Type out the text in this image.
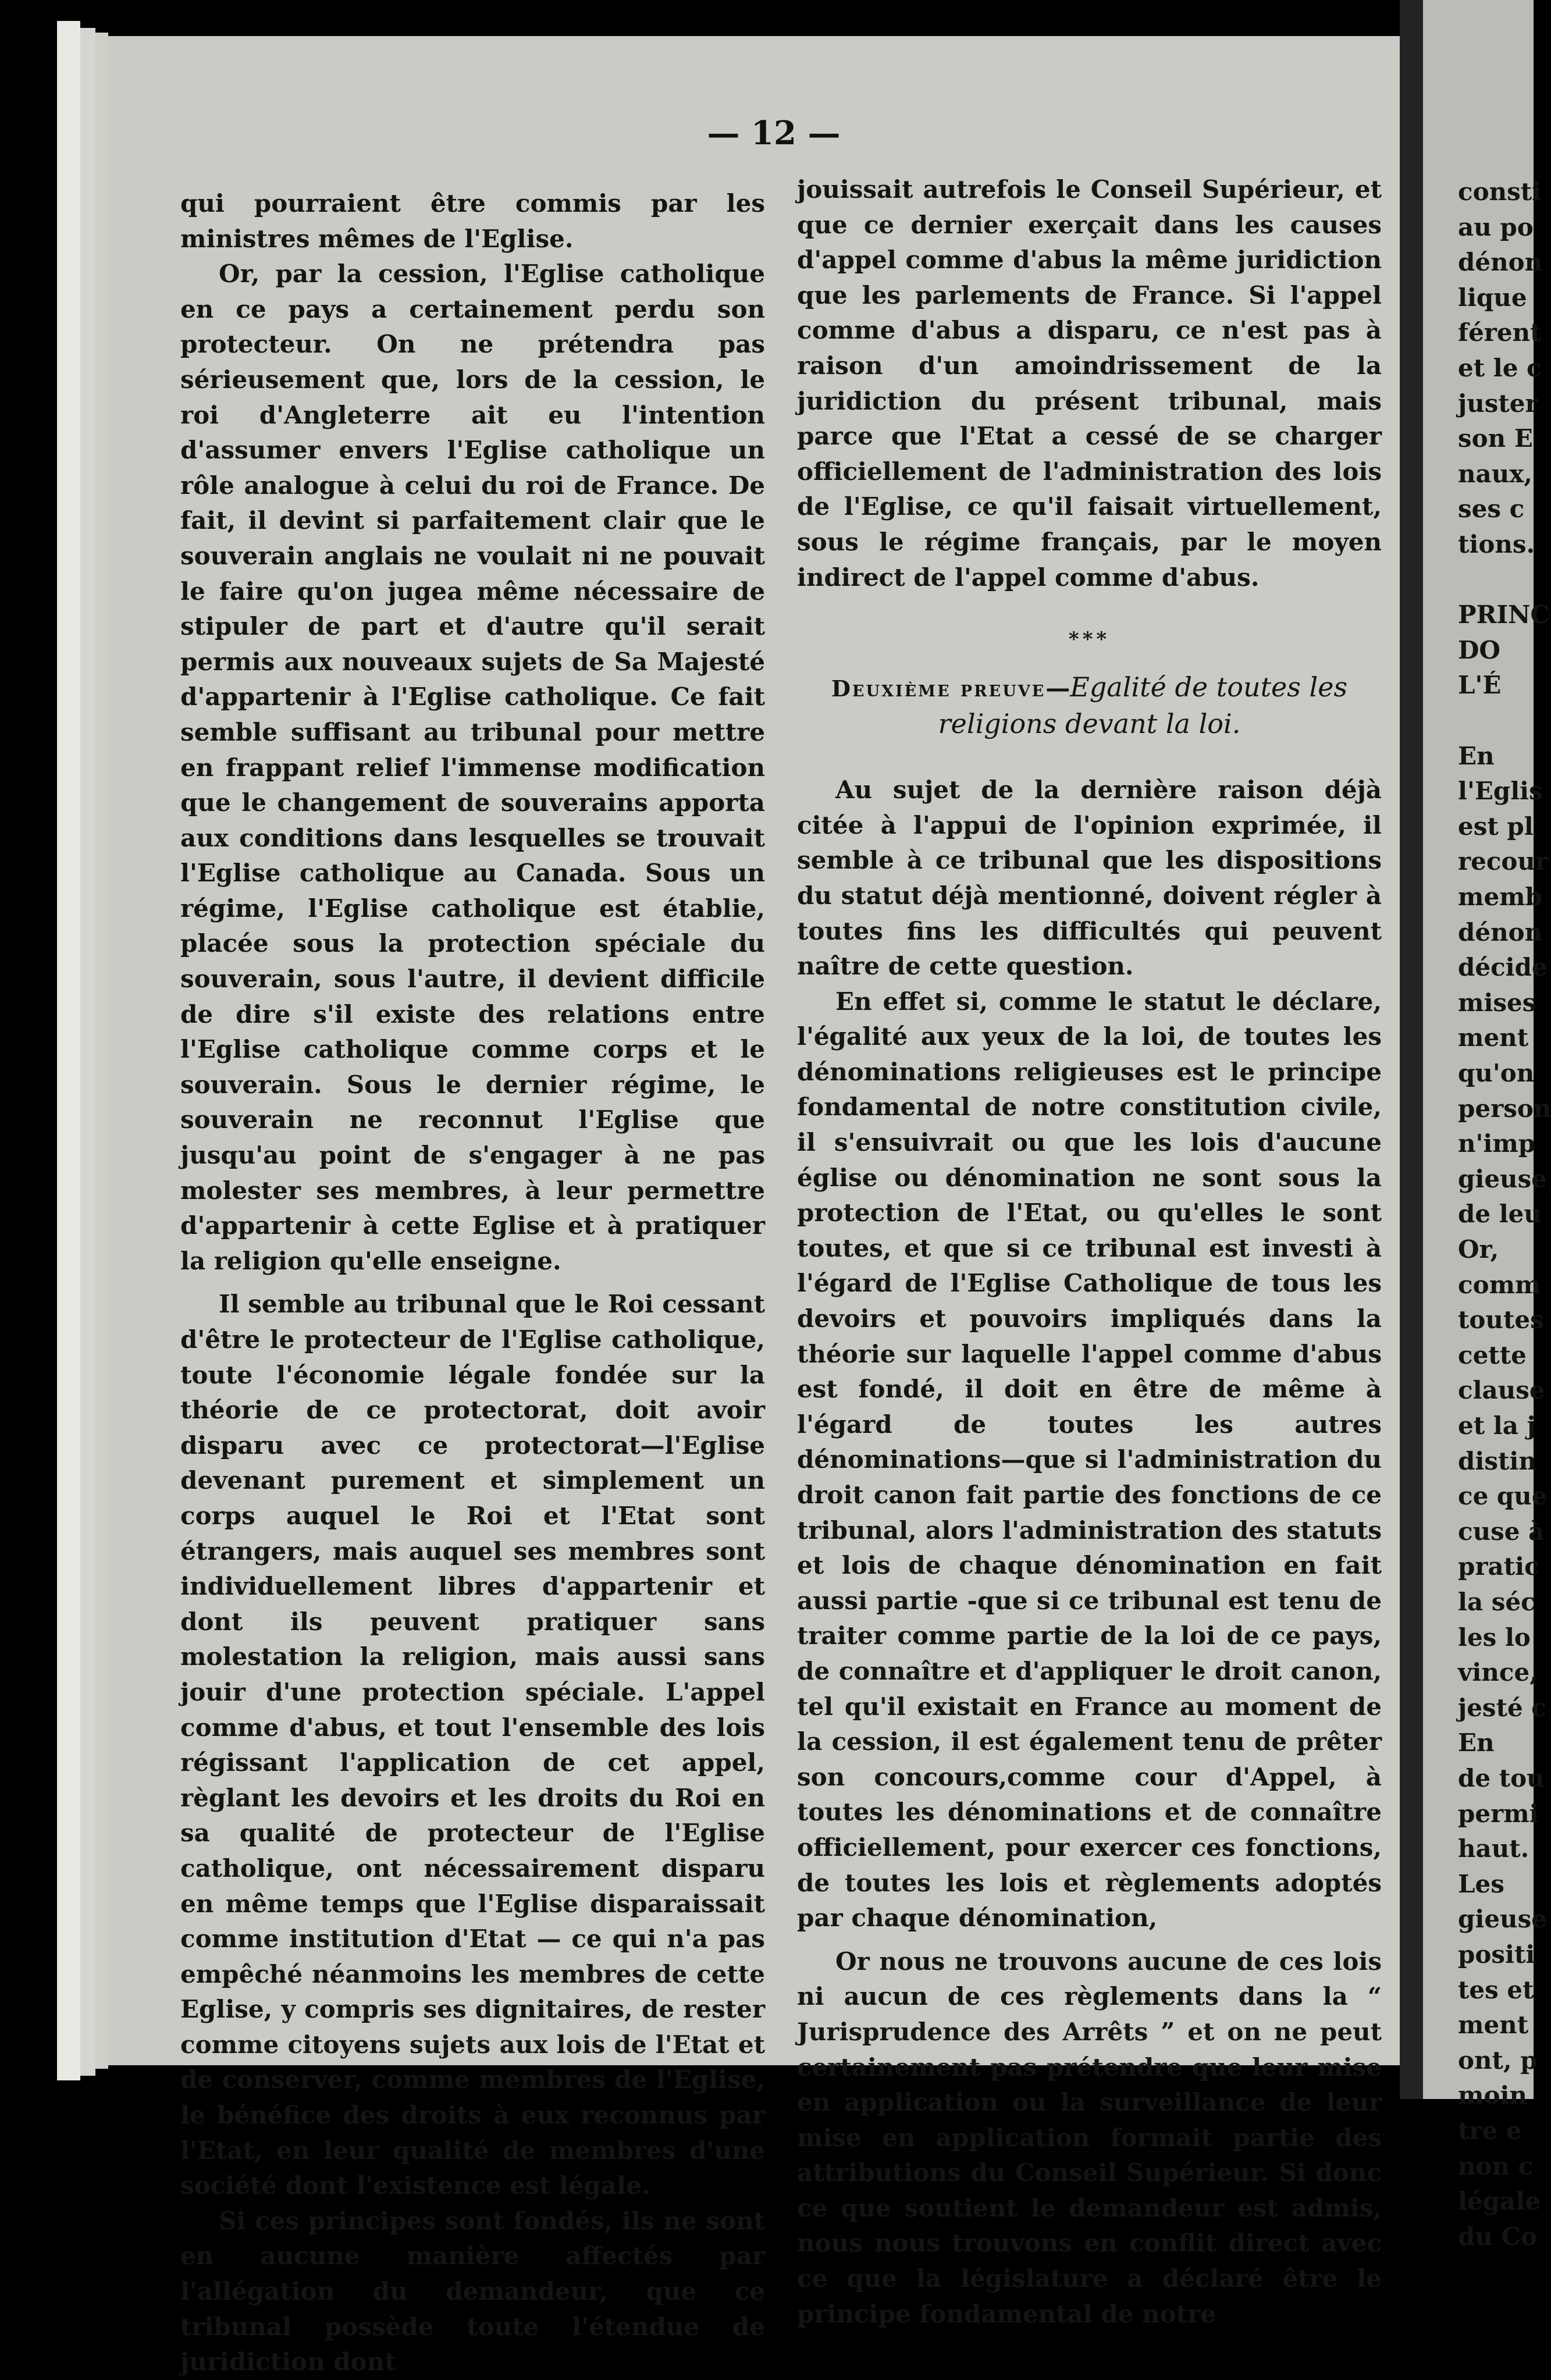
— 12 —

qui pourraient être commis par les ministres mêmes de l'Eglise.

Or, par la cession, l'Eglise catholique en ce pays a certainement perdu son protecteur. On ne prétendra pas sérieusement que, lors de la cession, le roi d'Angleterre ait eu l'intention d'assumer envers l'Eglise catholique un rôle analogue à celui du roi de France. De fait, il devint si parfaitement clair que le souverain anglais ne voulait ni ne pouvait le faire qu'on jugea même nécessaire de stipuler de part et d'autre qu'il serait permis aux nouveaux sujets de Sa Majesté d'appartenir à l'Eglise catholique. Ce fait semble suffisant au tribunal pour mettre en frappant relief l'immense modification que le changement de souverains apporta aux conditions dans lesquelles se trouvait l'Eglise catholique au Canada. Sous un régime, l'Eglise catholique est établie, placée sous la protection spéciale du souverain, sous l'autre, il devient difficile de dire s'il existe des relations entre l'Eglise catholique comme corps et le souverain. Sous le dernier régime, le souverain ne reconnut l'Eglise que jusqu'au point de s'engager à ne pas molester ses membres, à leur permettre d'appartenir à cette Eglise et à pratiquer la religion qu'elle enseigne.

Il semble au tribunal que le Roi cessant d'être le protecteur de l'Eglise catholique, toute l'économie légale fondée sur la théorie de ce protectorat, doit avoir disparu avec ce protectorat—l'Eglise devenant purement et simplement un corps auquel le Roi et l'Etat sont étrangers, mais auquel ses membres sont individuellement libres d'appartenir et dont ils peuvent pratiquer sans molestation la religion, mais aussi sans jouir d'une protection spéciale. L'appel comme d'abus, et tout l'ensemble des lois régissant l'application de cet appel, règlant les devoirs et les droits du Roi en sa qualité de protecteur de l'Eglise catholique, ont nécessairement disparu en même temps que l'Eglise disparaissait comme institution d'Etat — ce qui n'a pas empêché néanmoins les membres de cette Eglise, y compris ses dignitaires, de rester comme citoyens sujets aux lois de l'Etat et de conserver, comme membres de l'Eglise, le bénéfice des droits à eux reconnus par l'Etat, en leur qualité de membres d'une société dont l'existence est légale.

Si ces principes sont fondés, ils ne sont en aucune manière affectés par l'allégation du demandeur, que ce tribunal possède toute l'étendue de juridiction dont

jouissait autrefois le Conseil Supérieur, et que ce dernier exerçait dans les causes d'appel comme d'abus la même juridiction que les parlements de France. Si l'appel comme d'abus a disparu, ce n'est pas à raison d'un amoindrissement de la juridiction du présent tribunal, mais parce que l'Etat a cessé de se charger officiellement de l'administration des lois de l'Eglise, ce qu'il faisait virtuellement, sous le régime français, par le moyen indirect de l'appel comme d'abus.

***
Deuxième preuve—Egalité de toutes les religions devant la loi.

Au sujet de la dernière raison déjà citée à l'appui de l'opinion exprimée, il semble à ce tribunal que les dispositions du statut déjà mentionné, doivent régler à toutes fins les difficultés qui peuvent naître de cette question.

En effet si, comme le statut le déclare, l'égalité aux yeux de la loi, de toutes les dénominations religieuses est le principe fondamental de notre constitution civile, il s'ensuivrait ou que les lois d'aucune église ou dénomination ne sont sous la protection de l'Etat, ou qu'elles le sont toutes, et que si ce tribunal est investi à l'égard de l'Eglise Catholique de tous les devoirs et pouvoirs impliqués dans la théorie sur laquelle l'appel comme d'abus est fondé, il doit en être de même à l'égard de toutes les autres dénominations—que si l'administration du droit canon fait partie des fonctions de ce tribunal, alors l'administration des statuts et lois de chaque dénomination en fait aussi partie -que si ce tribunal est tenu de traiter comme partie de la loi de ce pays, de connaître et d'appliquer le droit canon, tel qu'il existait en France au moment de la cession, il est également tenu de prêter son concours,comme cour d'Appel, à toutes les dénominations et de connaître officiellement, pour exercer ces fonctions, de toutes les lois et règlements adoptés par chaque dénomination,

Or nous ne trouvons aucune de ces lois ni aucun de ces règlements dans la “ Jurisprudence des Arrêts ” et on ne peut certainement pas prétendre que leur mise en application ou la surveillance de leur mise en application formait partie des attributions du Conseil Supérieur. Si donc ce que soutient le demandeur est admis, nous nous trouvons en conflit direct avec ce que la législature a déclaré être le principe fondamental de notre

consti
au po
dénon
lique
férent
et le c
juster
son E
naux,
ses c
tions.
PRINC
DO
L'É
En
l'Eglis
est pl
recour
memb
dénon
décide
mises
ment
qu'on
person
n'imp
gieuse
de leu
Or,
comm
toutes
cette
clause
et la j
distin
ce que
cuse à
pratic
la séc
les lo
vince,
jesté c
En
de tou
permi
haut.
Les
gieuse
positi
tes et
ment
ont, p
moin
tre e
non c
légale
du Co
